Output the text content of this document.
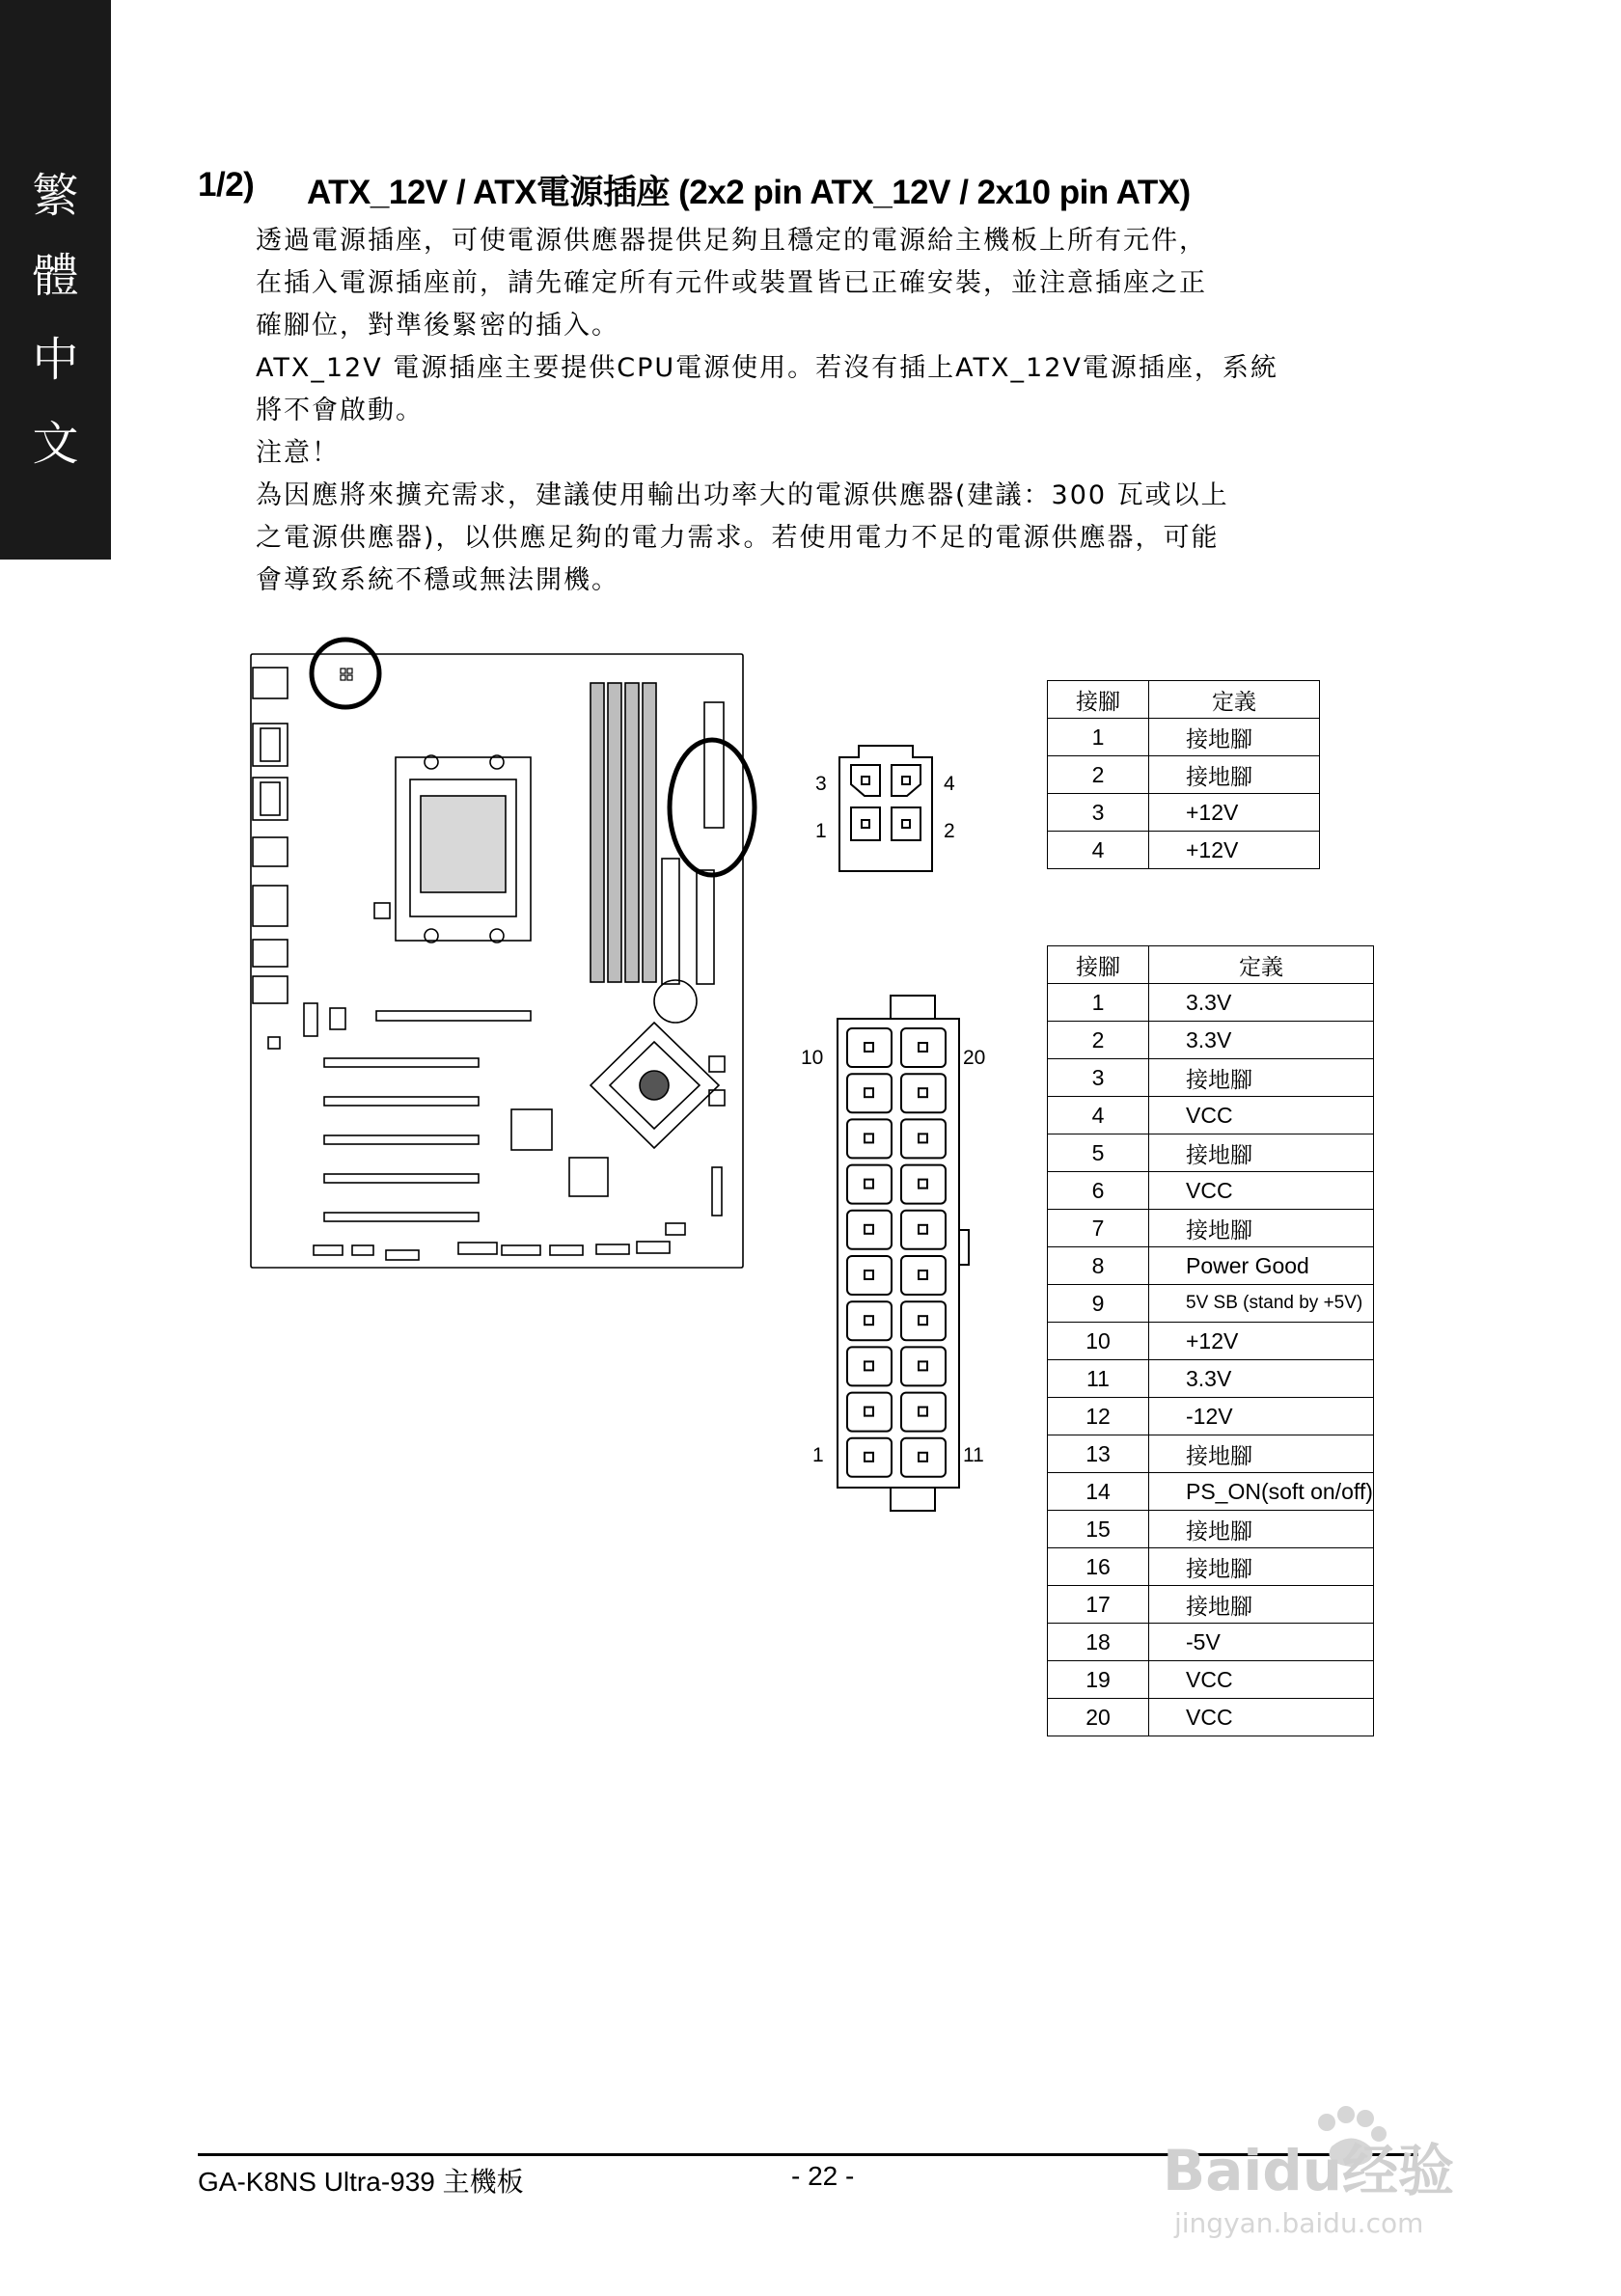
繁
體
中
文
1/2) ATX_12V / ATX電源插座 (2x2 pin ATX_12V / 2x10 pin ATX)
透過電源插座，可使電源供應器提供足夠且穩定的電源給主機板上所有元件，
在插入電源插座前，請先確定所有元件或裝置皆已正確安裝，並注意插座之正
確腳位，對準後緊密的插入。
ATX_12V 電源插座主要提供CPU電源使用。若沒有插上ATX_12V電源插座，系統
將不會啟動。
注意！
為因應將來擴充需求，建議使用輸出功率大的電源供應器(建議：300 瓦或以上
之電源供應器)，以供應足夠的電力需求。若使用電力不足的電源供應器，可能
會導致系統不穩或無法開機。
3	4
1	2
10	20
1	11
接腳	定義
1	接地腳
2	接地腳
3	+12V
4	+12V
接腳	定義
1	3.3V
2	3.3V
3	接地腳
4	VCC
5	接地腳
6	VCC
7	接地腳
8	Power Good
9	5V SB (stand by +5V)
10	+12V
11	3.3V
12	-12V
13	接地腳
14	PS_ON(soft on/off)
15	接地腳
16	接地腳
17	接地腳
18	-5V
19	VCC
20	VCC
GA-K8NS Ultra-939 主機板	- 22 -	Baidu经验
jingyan.baidu.com
